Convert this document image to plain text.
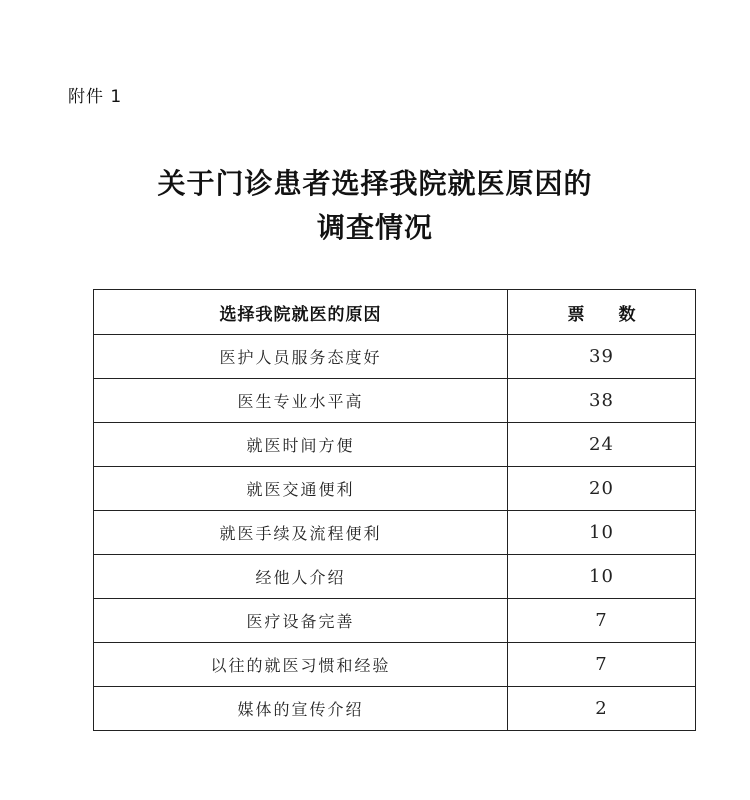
附件 1
关于门诊患者选择我院就医原因的
调查情况
选择我院就医的原因	票 数
医护人员服务态度好	39
医生专业水平高	38
就医时间方便	24
就医交通便利	20
就医手续及流程便利	10
经他人介绍	10
医疗设备完善	7
以往的就医习惯和经验	7
媒体的宣传介绍	2
